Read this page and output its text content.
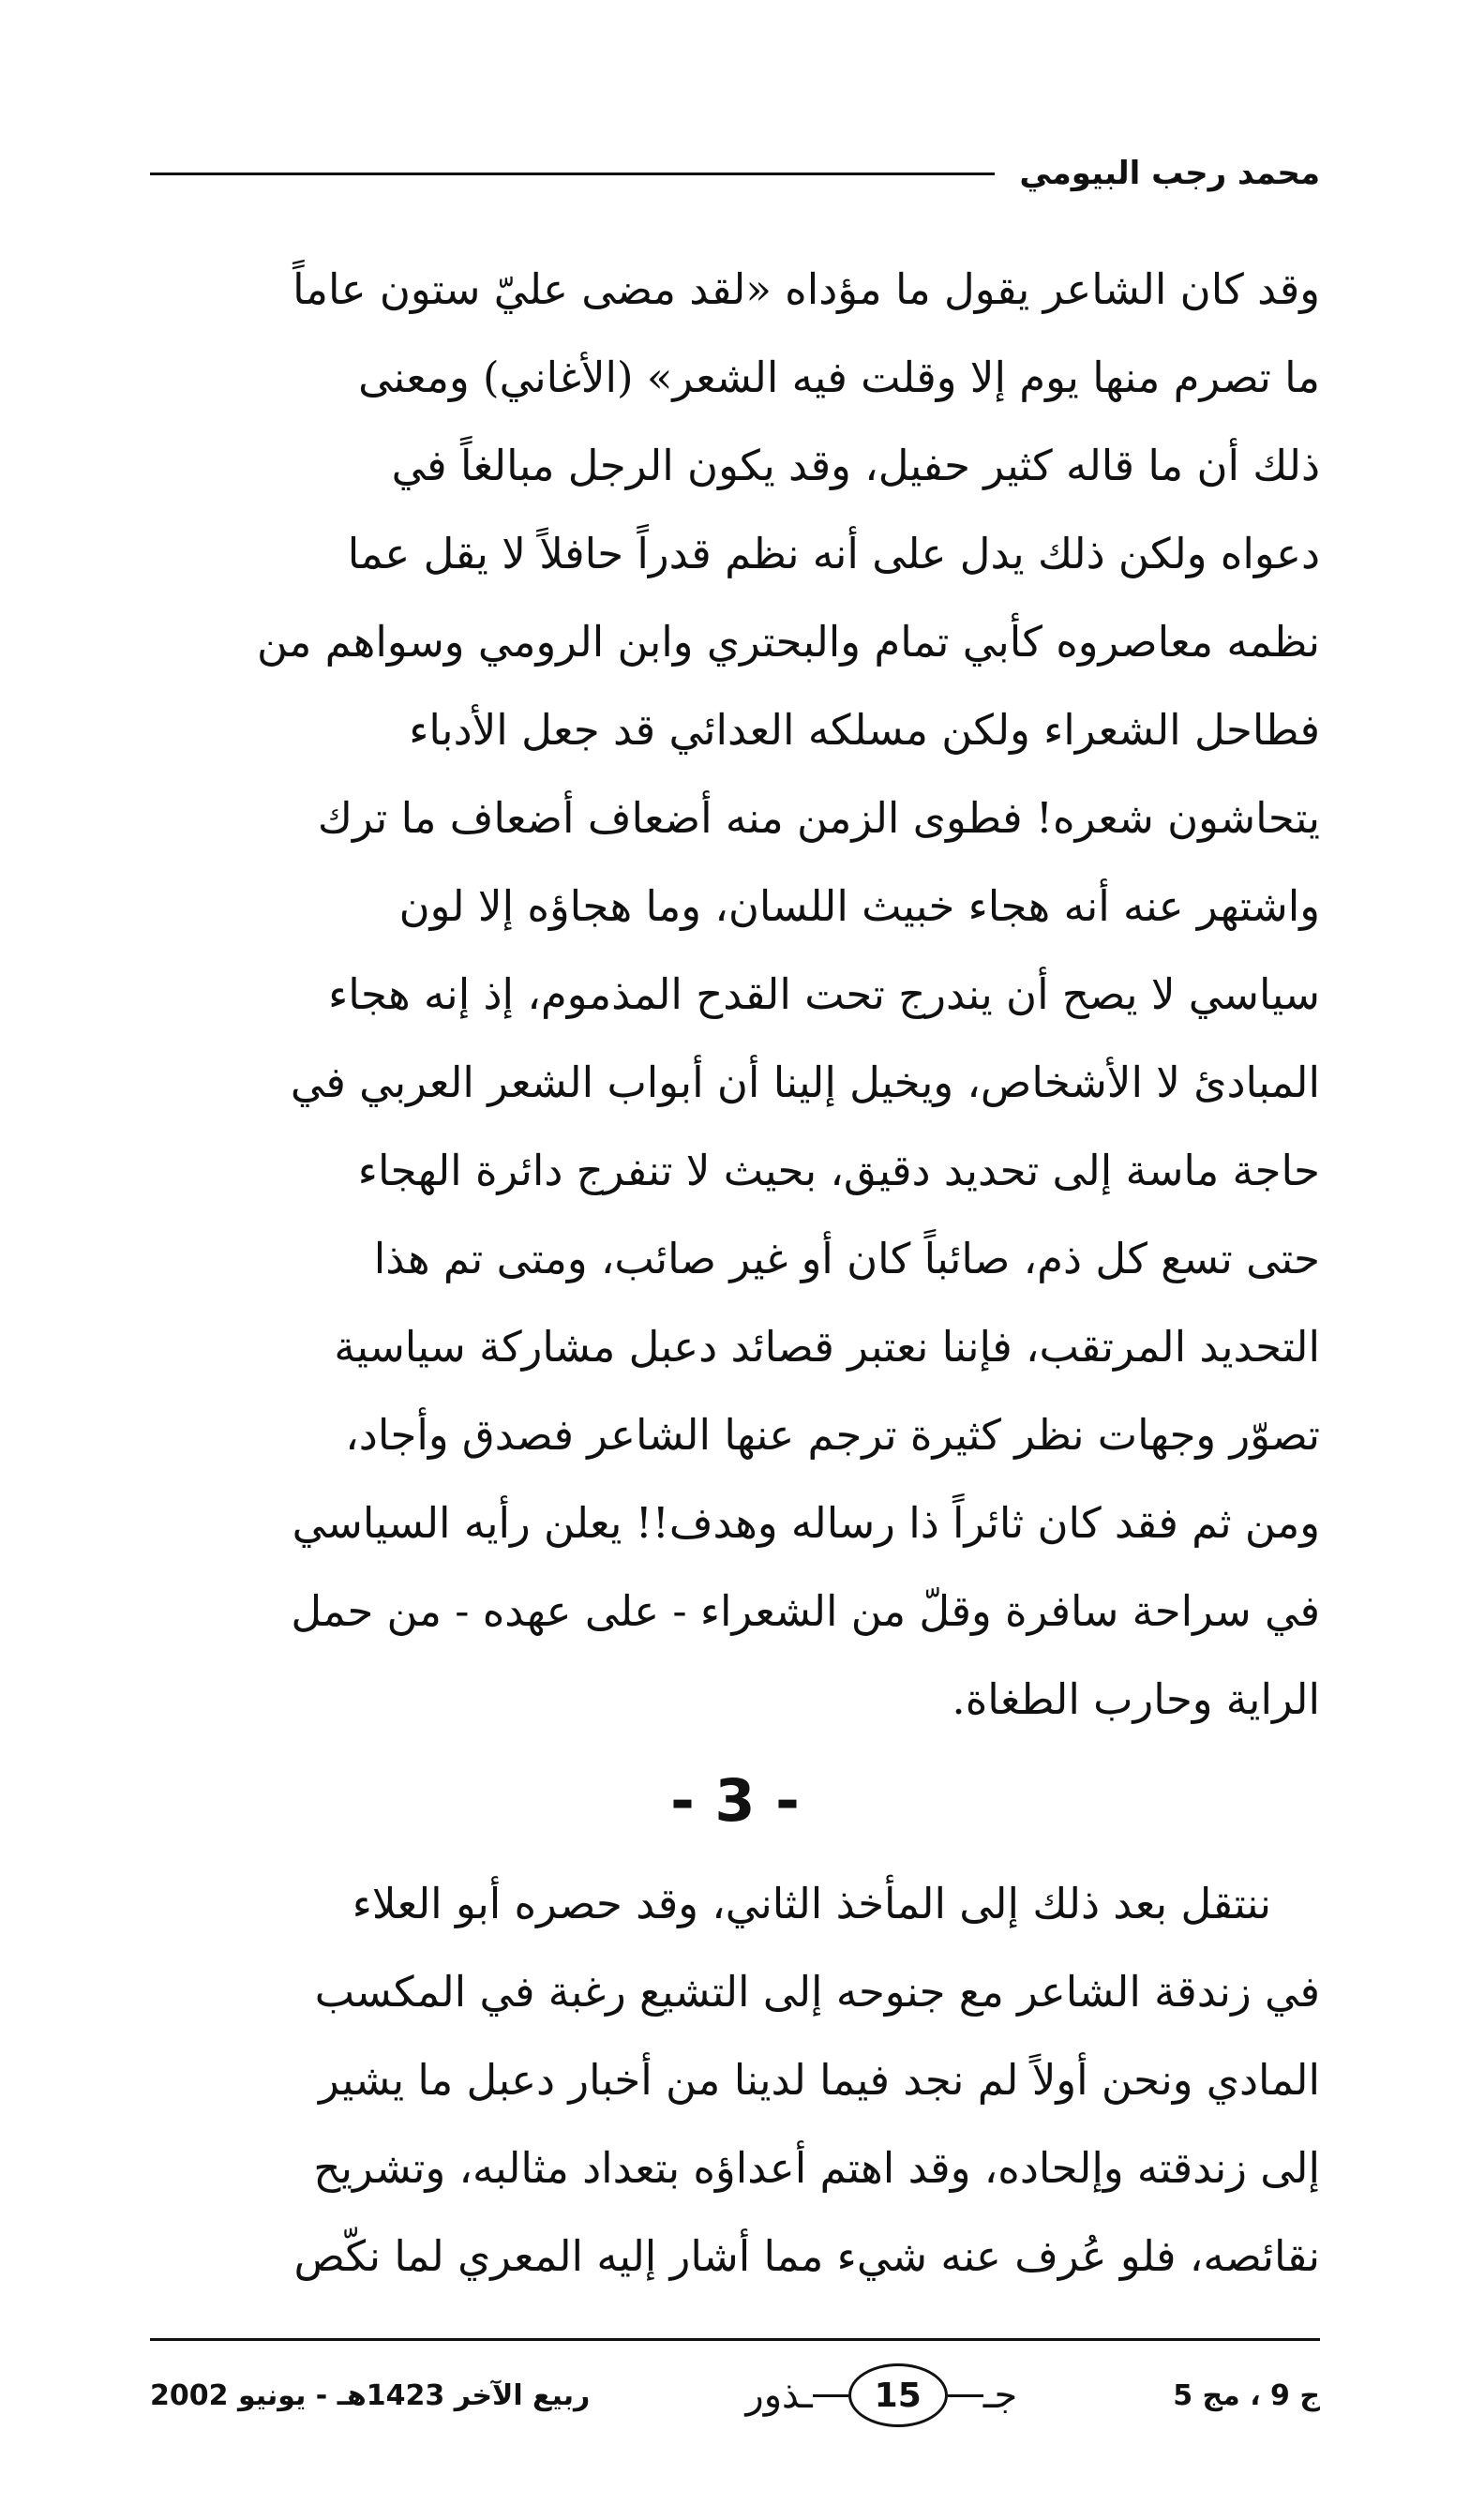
محمد رجب البيومي

وقد كان الشاعر يقول ما مؤداه «لقد مضى عليّ ستون عاماً

ما تصرم منها يوم إلا وقلت فيه الشعر» (الأغاني) ومعنى

ذلك أن ما قاله كثير حفيل، وقد يكون الرجل مبالغاً في

دعواه ولكن ذلك يدل على أنه نظم قدراً حافلاً لا يقل عما

نظمه معاصروه كأبي تمام والبحتري وابن الرومي وسواهم من

فطاحل الشعراء ولكن مسلكه العدائي قد جعل الأدباء

يتحاشون شعره! فطوى الزمن منه أضعاف أضعاف ما ترك

واشتهر عنه أنه هجاء خبيث اللسان، وما هجاؤه إلا لون

سياسي لا يصح أن يندرج تحت القدح المذموم، إذ إنه هجاء

المبادئ لا الأشخاص، ويخيل إلينا أن أبواب الشعر العربي في

حاجة ماسة إلى تحديد دقيق، بحيث لا تنفرج دائرة الهجاء

حتى تسع كل ذم، صائباً كان أو غير صائب، ومتى تم هذا

التحديد المرتقب، فإننا نعتبر قصائد دعبل مشاركة سياسية

تصوّر وجهات نظر كثيرة ترجم عنها الشاعر فصدق وأجاد،

ومن ثم فقد كان ثائراً ذا رساله وهدف!! يعلن رأيه السياسي

في سراحة سافرة وقلّ من الشعراء - على عهده - من حمل

الراية وحارب الطغاة.

- 3 -

ننتقل بعد ذلك إلى المأخذ الثاني، وقد حصره أبو العلاء

في زندقة الشاعر مع جنوحه إلى التشيع رغبة في المكسب

المادي ونحن أولاً لم نجد فيما لدينا من أخبار دعبل ما يشير

إلى زندقته وإلحاده، وقد اهتم أعداؤه بتعداد مثالبه، وتشريح

نقائصه، فلو عُرف عنه شيء مما أشار إليه المعري لما نكّص

ج 9 ، مج 5
جـ
15
ـذور
ربيع الآخر 1423هـ - يونيو 2002
